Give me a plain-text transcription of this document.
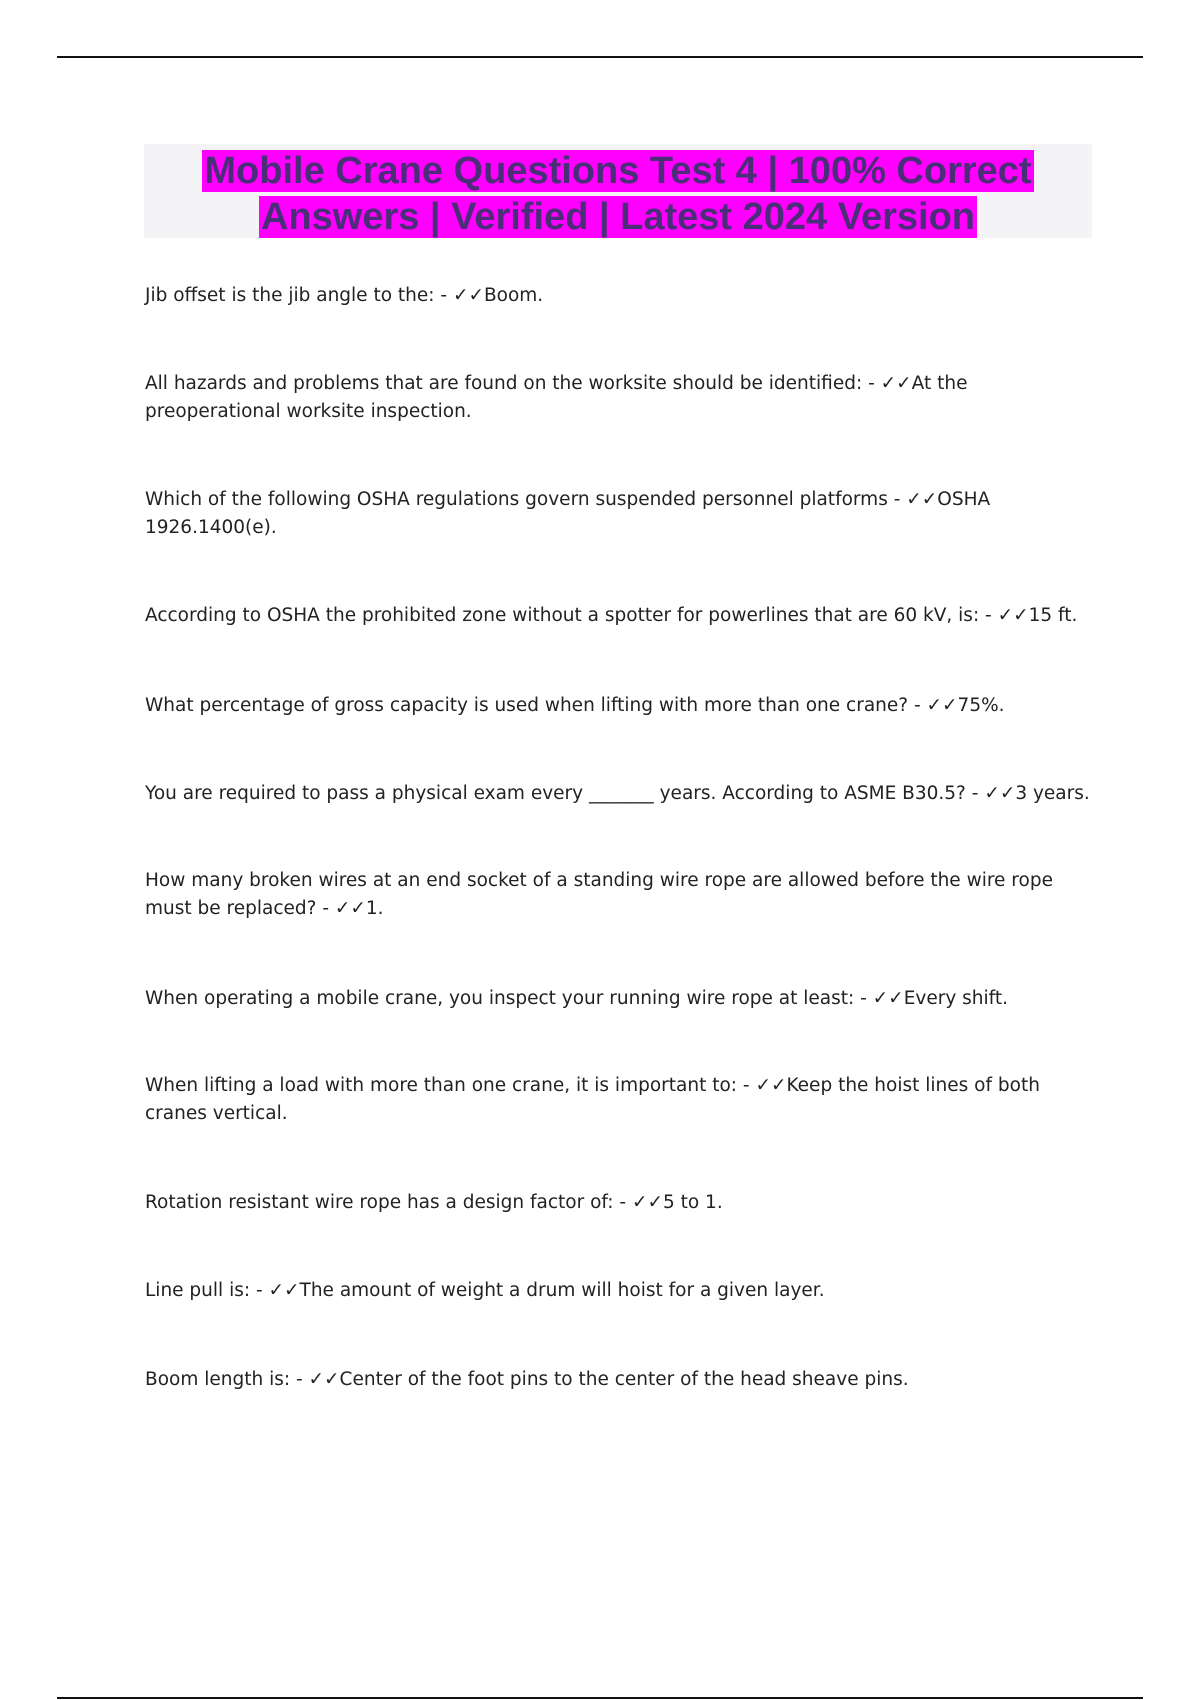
Mobile Crane Questions Test 4 | 100% Correct Answers | Verified | Latest 2024 Version
Jib offset is the jib angle to the: - ✓✓Boom.
All hazards and problems that are found on the worksite should be identified: - ✓✓At the preoperational worksite inspection.
Which of the following OSHA regulations govern suspended personnel platforms - ✓✓OSHA 1926.1400(e).
According to OSHA the prohibited zone without a spotter for powerlines that are 60 kV, is: - ✓✓15 ft.
What percentage of gross capacity is used when lifting with more than one crane? - ✓✓75%.
You are required to pass a physical exam every _______ years. According to ASME B30.5? - ✓✓3 years.
How many broken wires at an end socket of a standing wire rope are allowed before the wire rope must be replaced? - ✓✓1.
When operating a mobile crane, you inspect your running wire rope at least: - ✓✓Every shift.
When lifting a load with more than one crane, it is important to: - ✓✓Keep the hoist lines of both cranes vertical.
Rotation resistant wire rope has a design factor of: - ✓✓5 to 1.
Line pull is: - ✓✓The amount of weight a drum will hoist for a given layer.
Boom length is: - ✓✓Center of the foot pins to the center of the head sheave pins.
